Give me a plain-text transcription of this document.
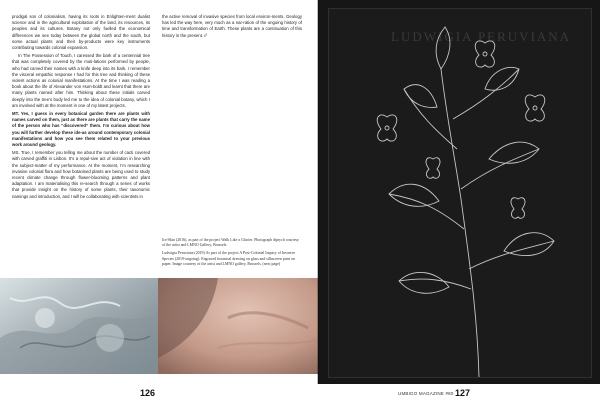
prodigal son of colonialism, having its roots in Enlighten-ment dualist science and in the agricultural exploitation of the land, its resources, its peoples and its cultures. Botany not only fuelled the economical differences we see today between the global north and the south, but some actual plants and their by-products were key instruments contributing towards colonial expansion.

In The Possession of Touch, I caressed the bark of a centennial tree that was completely covered by the muti-lations performed by people, who had carved their names with a knife deep into its bark. I remember the visceral empathic response I had for this tree and thinking of these violent actions as colonial manifestations. At the time I was reading a book about the life of Alexander von Hum-boldt and learnt that there are many plants named after him. Thinking about these initials carved deeply into the tree’s body led me to the idea of colonial botany, which I am involved with at the moment in one of my latest projects.

MT. Yes, I guess in every botanical garden there are plants with names carved on them, just as there are plants that carry the name of the person who has “discovered” them. I’m curious about how you will further develop these ide-as around contemporary colonial manifestations and how you see them related to your previous work around geology.

MS. True, I remember you telling me about the number of cacti covered with carved graffiti in Lisbon. It’s a repul-sive act of violation in line with the subject-matter of my performance. At the moment, I’m researching invasive colonial flora and how botanised plants are being used to study recent climate change through flower-blooming patterns and plant adaptation. I am materialising this re-search through a series of works that provide insight on the history of some plants, their taxonomic namings and introduction, and I will be collaborating with scientists in

the active removal of invasive species from local environ-ments. Geology has led the way here, very much as a nar-ration of the ongoing history of time and transformation of Earth. These plants are a continuation of this history in the present. //

Ice/Skin (2016), as part of the project Walk Like a Glacier. Photograph diptych courtesy of the artist and LMNO Gallery, Brussels.

Ludwigia Peruviana (2019) As part of the project A Post-Colonial Inquiry of Invasive Species (2019-ongoing). Engraved botanical drawing on glass and silkscreen print on paper. Image courtesy of the artist and LMNO gallery, Brussels. (next page)

126
LUDWIGIA PERUVIANA
UMBIGO MAGAZINE #80 127
